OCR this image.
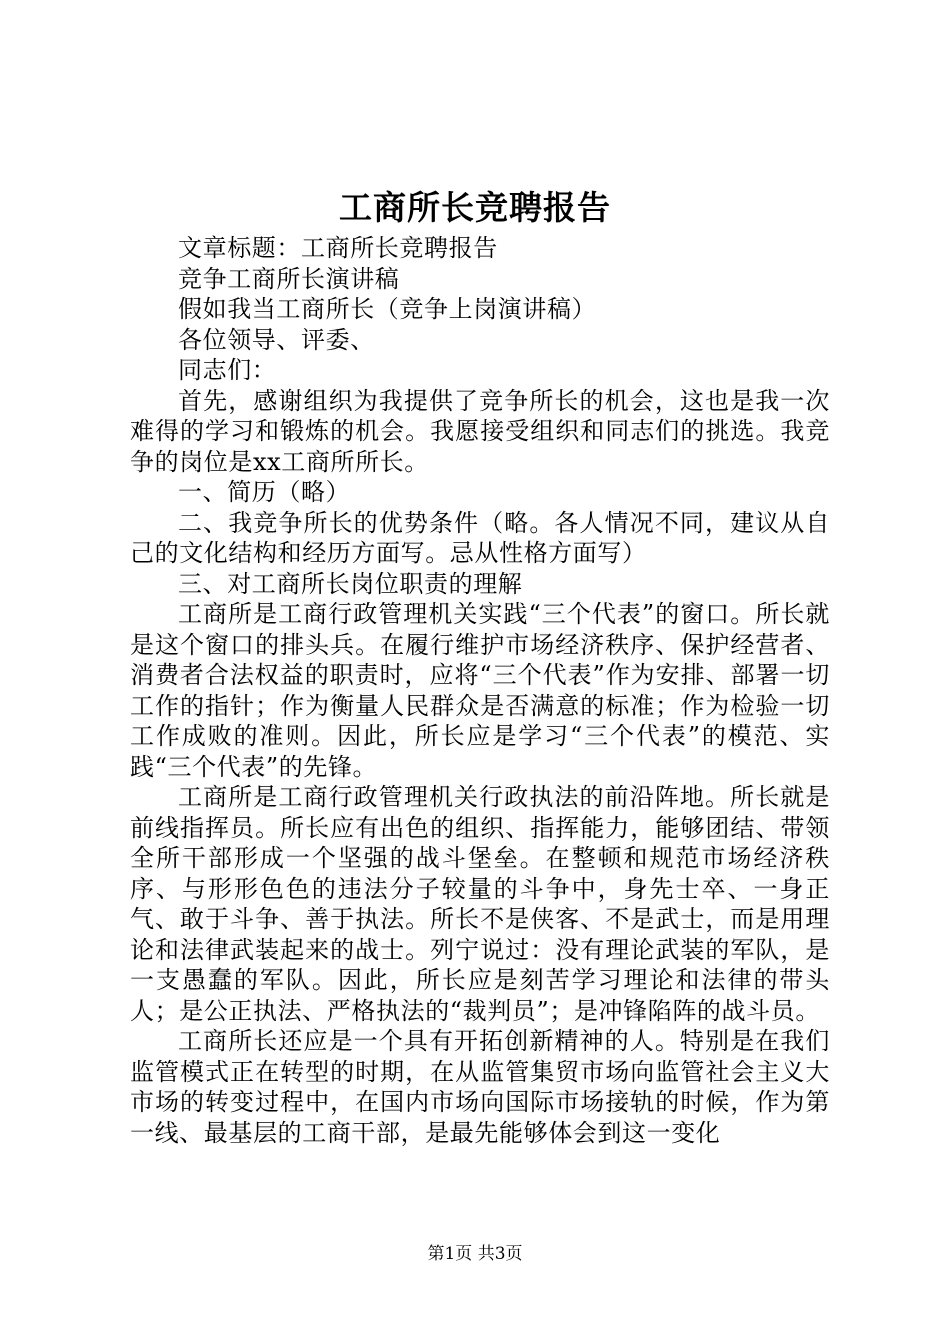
工商所长竞聘报告

文章标题：工商所长竞聘报告

竞争工商所长演讲稿

假如我当工商所长（竞争上岗演讲稿）

各位领导、评委、

同志们：

首先，感谢组织为我提供了竞争所长的机会，这也是我一次难得的学习和锻炼的机会。我愿接受组织和同志们的挑选。我竞争的岗位是xx工商所所长。

一、简历（略）

二、我竞争所长的优势条件（略。各人情况不同，建议从自己的文化结构和经历方面写。忌从性格方面写）

三、对工商所长岗位职责的理解

工商所是工商行政管理机关实践“三个代表”的窗口。所长就是这个窗口的排头兵。在履行维护市场经济秩序、保护经营者、消费者合法权益的职责时，应将“三个代表”作为安排、部署一切工作的指针；作为衡量人民群众是否满意的标准；作为检验一切工作成败的准则。因此，所长应是学习“三个代表”的模范、实践“三个代表”的先锋。

工商所是工商行政管理机关行政执法的前沿阵地。所长就是前线指挥员。所长应有出色的组织、指挥能力，能够团结、带领全所干部形成一个坚强的战斗堡垒。在整顿和规范市场经济秩序、与形形色色的违法分子较量的斗争中，身先士卒、一身正气、敢于斗争、善于执法。所长不是侠客、不是武士，而是用理论和法律武装起来的战士。列宁说过：没有理论武装的军队，是一支愚蠢的军队。因此，所长应是刻苦学习理论和法律的带头人；是公正执法、严格执法的“裁判员”；是冲锋陷阵的战斗员。

工商所长还应是一个具有开拓创新精神的人。特别是在我们监管模式正在转型的时期，在从监管集贸市场向监管社会主义大市场的转变过程中，在国内市场向国际市场接轨的时候，作为第一线、最基层的工商干部，是最先能够体会到这一变化

第1页 共3页
